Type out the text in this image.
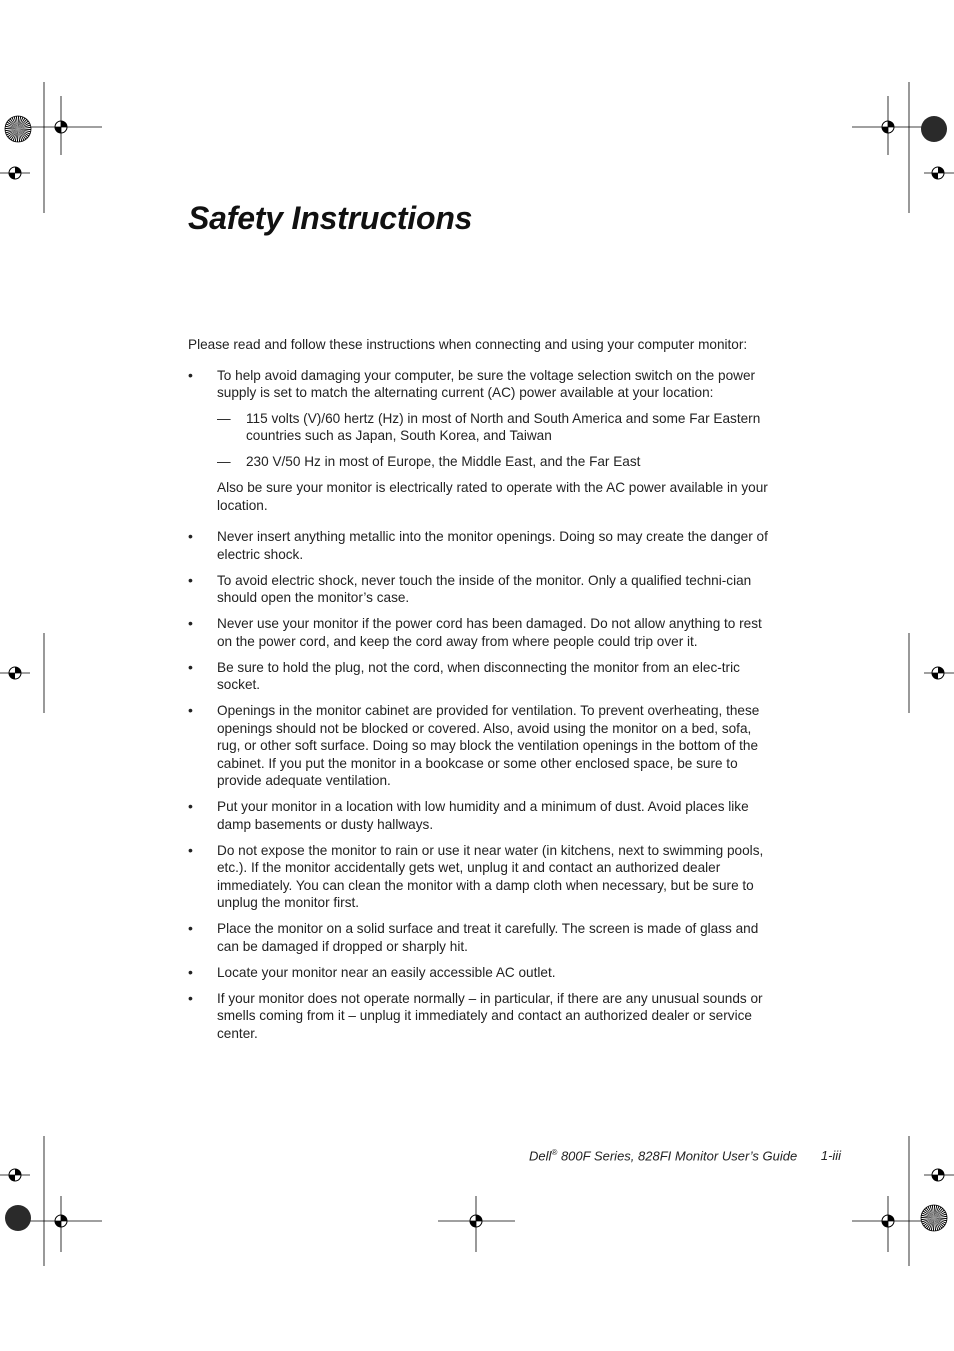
Safety Instructions

Please read and follow these instructions when connecting and using your computer monitor:

• To help avoid damaging your computer, be sure the voltage selection switch on the power supply is set to match the alternating current (AC) power available at your location:
— 115 volts (V)/60 hertz (Hz) in most of North and South America and some Far Eastern countries such as Japan, South Korea, and Taiwan
— 230 V/50 Hz in most of Europe, the Middle East, and the Far East

Also be sure your monitor is electrically rated to operate with the AC power available in your location.

• Never insert anything metallic into the monitor openings. Doing so may create the danger of electric shock.
• To avoid electric shock, never touch the inside of the monitor. Only a qualified techni-cian should open the monitor’s case.
• Never use your monitor if the power cord has been damaged. Do not allow anything to rest on the power cord, and keep the cord away from where people could trip over it.
• Be sure to hold the plug, not the cord, when disconnecting the monitor from an elec-tric socket.
• Openings in the monitor cabinet are provided for ventilation. To prevent overheating, these openings should not be blocked or covered. Also, avoid using the monitor on a bed, sofa, rug, or other soft surface. Doing so may block the ventilation openings in the bottom of the cabinet. If you put the monitor in a bookcase or some other enclosed space, be sure to provide adequate ventilation.
• Put your monitor in a location with low humidity and a minimum of dust. Avoid places like damp basements or dusty hallways.
• Do not expose the monitor to rain or use it near water (in kitchens, next to swimming pools, etc.). If the monitor accidentally gets wet, unplug it and contact an authorized dealer immediately. You can clean the monitor with a damp cloth when necessary, but be sure to unplug the monitor first.
• Place the monitor on a solid surface and treat it carefully. The screen is made of glass and can be damaged if dropped or sharply hit.
• Locate your monitor near an easily accessible AC outlet.
• If your monitor does not operate normally – in particular, if there are any unusual sounds or smells coming from it – unplug it immediately and contact an authorized dealer or service center.
Dell® 800F Series, 828FI Monitor User’s Guide 1-iii
